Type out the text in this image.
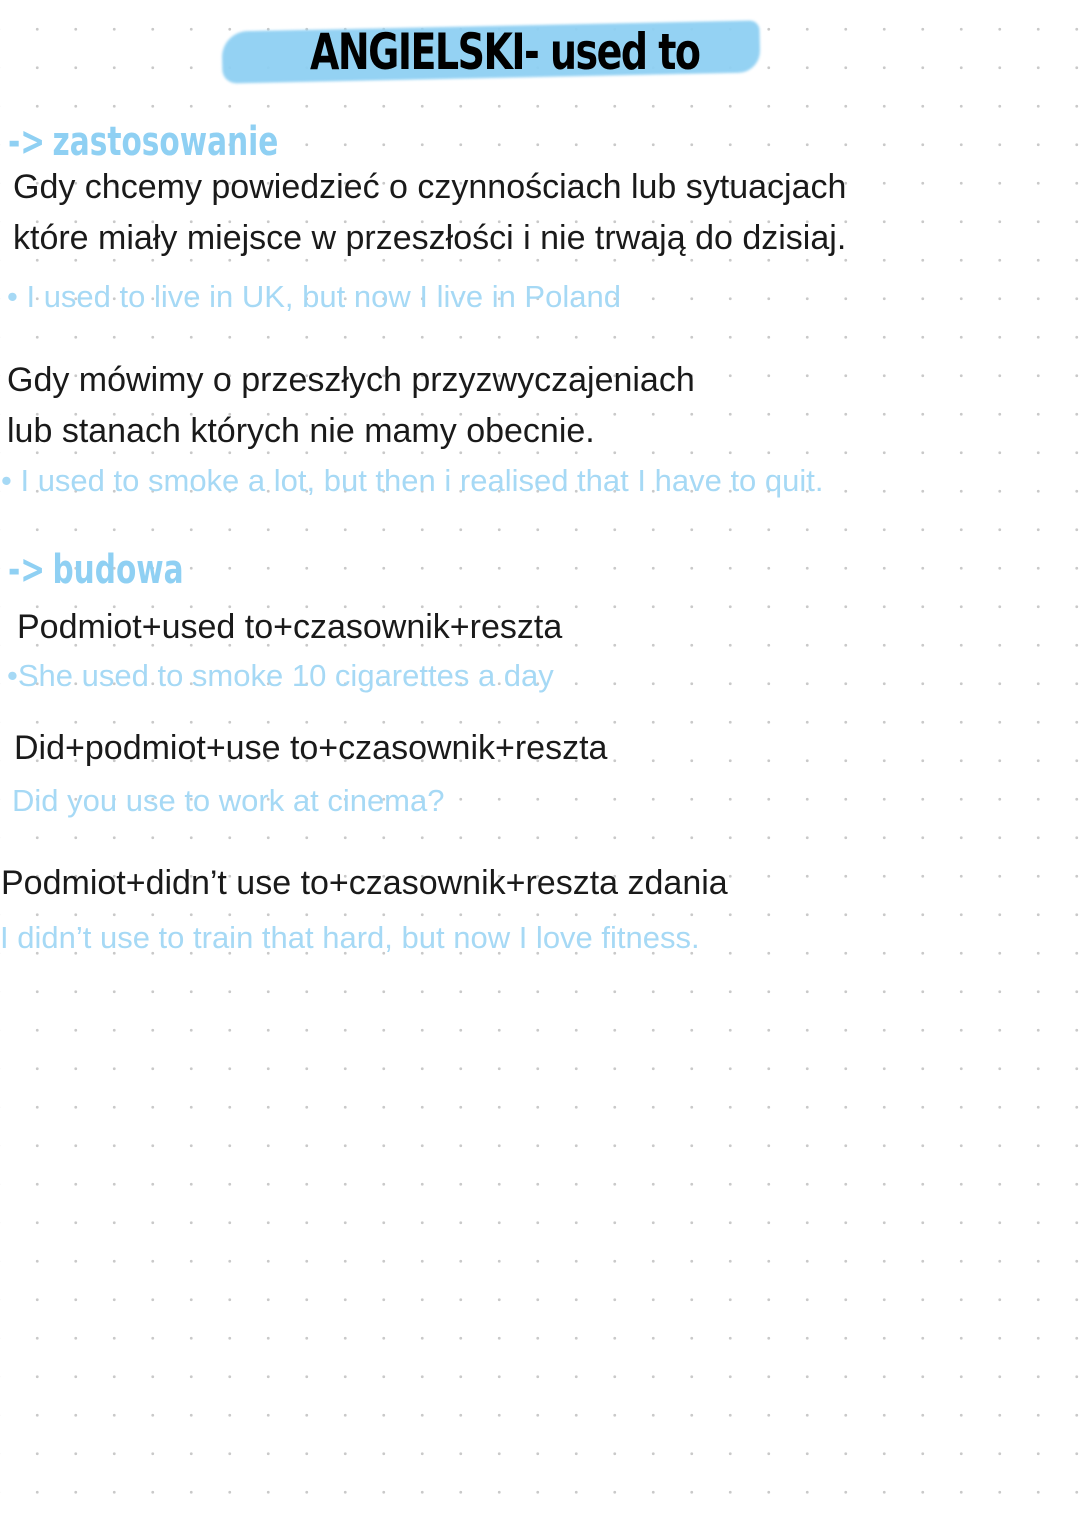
ANGIELSKI- used to
-> zastosowanie

Gdy chcemy powiedzieć o czynnościach lub sytuacjach

które miały miejsce w przeszłości i nie trwają do dzisiaj.

• I used to live in UK, but now I live in Poland

Gdy mówimy o przeszłych przyzwyczajeniach

lub stanach których nie mamy obecnie.

• I used to smoke a lot, but then i realised that I have to quit.

-> budowa

Podmiot+used to+czasownik+reszta

•She used to smoke 10 cigarettes a day

Did+podmiot+use to+czasownik+reszta

Did you use to work at cinema?

Podmiot+didn’t use to+czasownik+reszta zdania

I didn’t use to train that hard, but now I love fitness.
